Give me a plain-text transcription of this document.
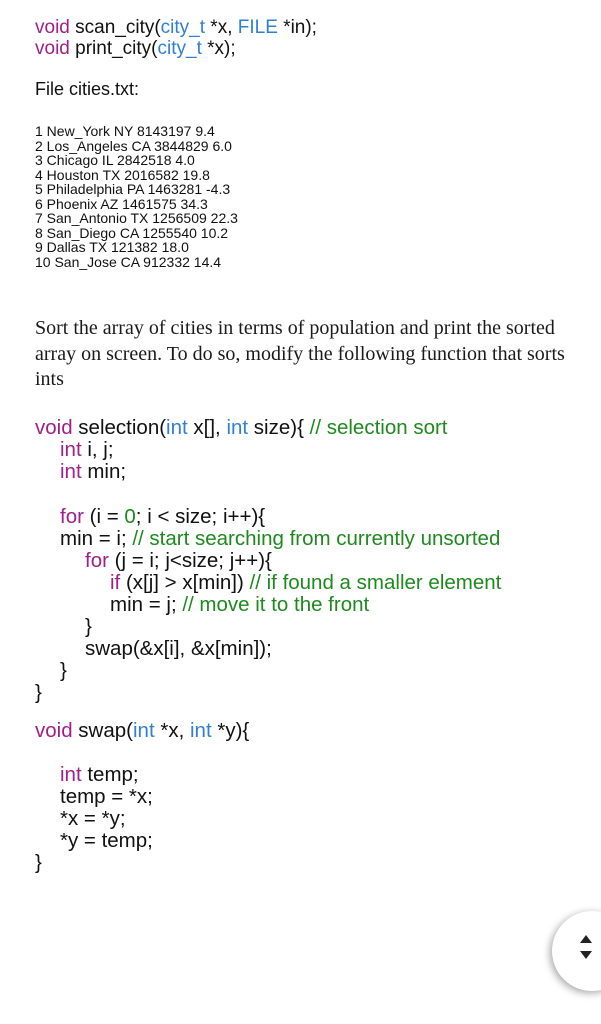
void scan_city(city_t *x, FILE *in);
void print_city(city_t *x);
File cities.txt:
1 New_York NY 8143197 9.4
2 Los_Angeles CA 3844829 6.0
3 Chicago IL 2842518 4.0
4 Houston TX 2016582 19.8
5 Philadelphia PA 1463281 -4.3
6 Phoenix AZ 1461575 34.3
7 San_Antonio TX 1256509 22.3
8 San_Diego CA 1255540 10.2
9 Dallas TX 121382 18.0
10 San_Jose CA 912332 14.4
Sort the array of cities in terms of population and print the sorted array on screen. To do so, modify the following function that sorts ints
void selection(int x[], int size){ // selection sort
int i, j;
int min;
for (i = 0; i < size; i++){
min = i; // start searching from currently unsorted
for (j = i; j<size; j++){
if (x[j] > x[min]) // if found a smaller element
min = j; // move it to the front
}
swap(&x[i], &x[min]);
}
}
void swap(int *x, int *y){
int temp;
temp = *x;
*x = *y;
*y = temp;
}
